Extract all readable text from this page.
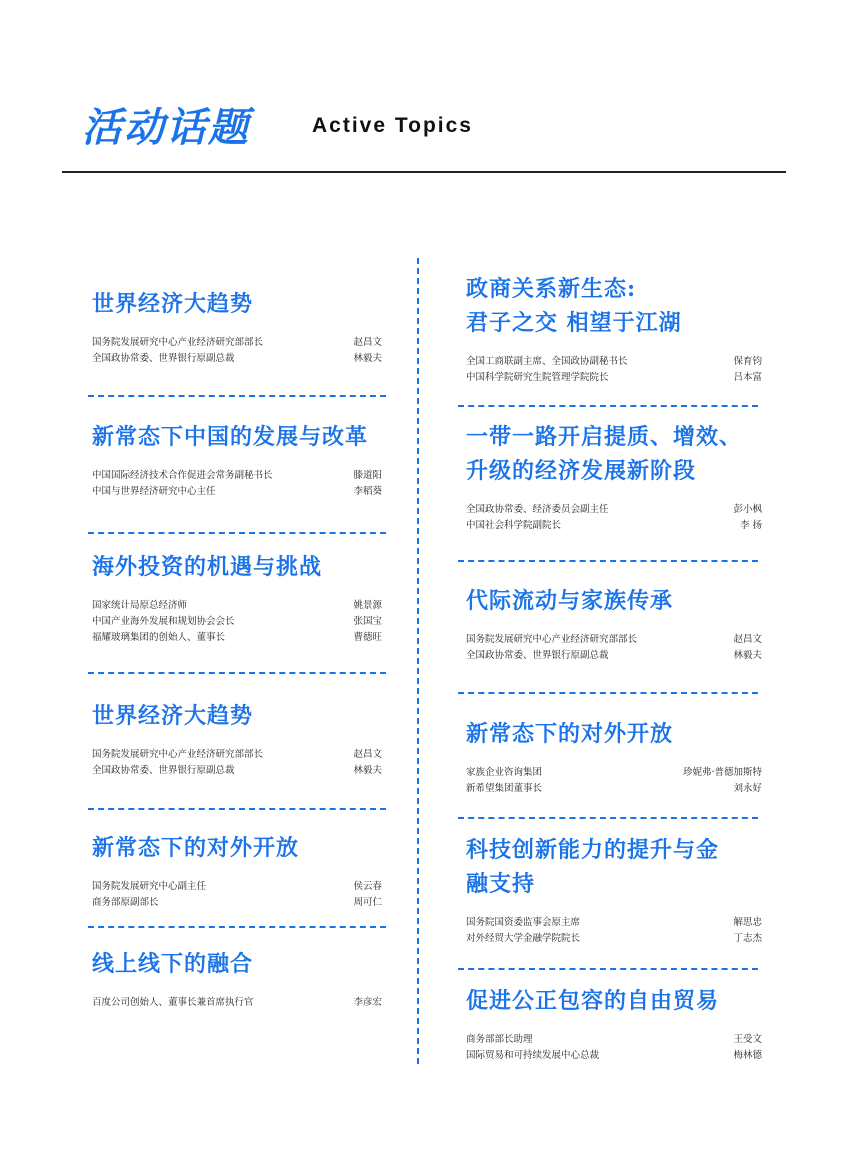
活动话题	Active Topics
世界经济大趋势
国务院发展研究中心产业经济研究部部长	赵昌文
全国政协常委、世界银行原副总裁	林毅夫
新常态下中国的发展与改革
中国国际经济技术合作促进会常务副秘书长	滕道阳
中国与世界经济研究中心主任	李稻葵
海外投资的机遇与挑战
国家统计局原总经济师	姚景源
中国产业海外发展和规划协会会长	张国宝
福耀玻璃集团的创始人、董事长	曹德旺
世界经济大趋势
国务院发展研究中心产业经济研究部部长	赵昌文
全国政协常委、世界银行原副总裁	林毅夫
新常态下的对外开放
国务院发展研究中心副主任	侯云春
商务部原副部长	周可仁
线上线下的融合
百度公司创始人、董事长兼首席执行官	李彦宏
政商关系新生态:
君子之交 相望于江湖
全国工商联副主席、全国政协副秘书长	保育钧
中国科学院研究生院管理学院院长	吕本富
一带一路开启提质、增效、
升级的经济发展新阶段
全国政协常委、经济委员会副主任	彭小枫
中国社会科学院副院长	李 扬
代际流动与家族传承
国务院发展研究中心产业经济研究部部长	赵昌文
全国政协常委、世界银行原副总裁	林毅夫
新常态下的对外开放
家族企业咨询集团	珍妮弗·普德加斯特
新希望集团董事长	刘永好
科技创新能力的提升与金
融支持
国务院国资委监事会原主席	解思忠
对外经贸大学金融学院院长	丁志杰
促进公正包容的自由贸易
商务部部长助理	王受文
国际贸易和可持续发展中心总裁	梅林德
